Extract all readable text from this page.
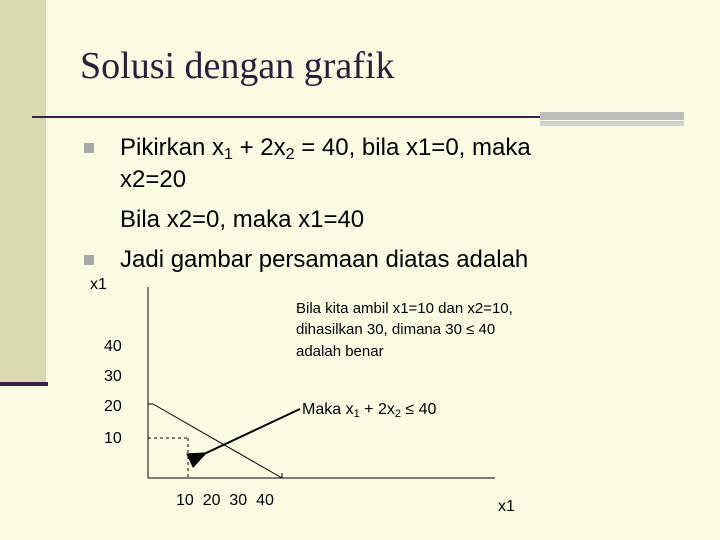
Solusi dengan grafik
Pikirkan $x_1 + 2x_2 = 40$, bila x1=0, maka
x2=20
Bila x2=0, maka x1=40
Jadi gambar persamaan diatas adalah
x1
40
30
20
10
10  20  30  40	x1
Bila kita ambil x1=10 dan x2=10,
dihasilkan 30, dimana 30 ≤ 40
adalah benar
Maka x1 + 2x2 ≤ 40
